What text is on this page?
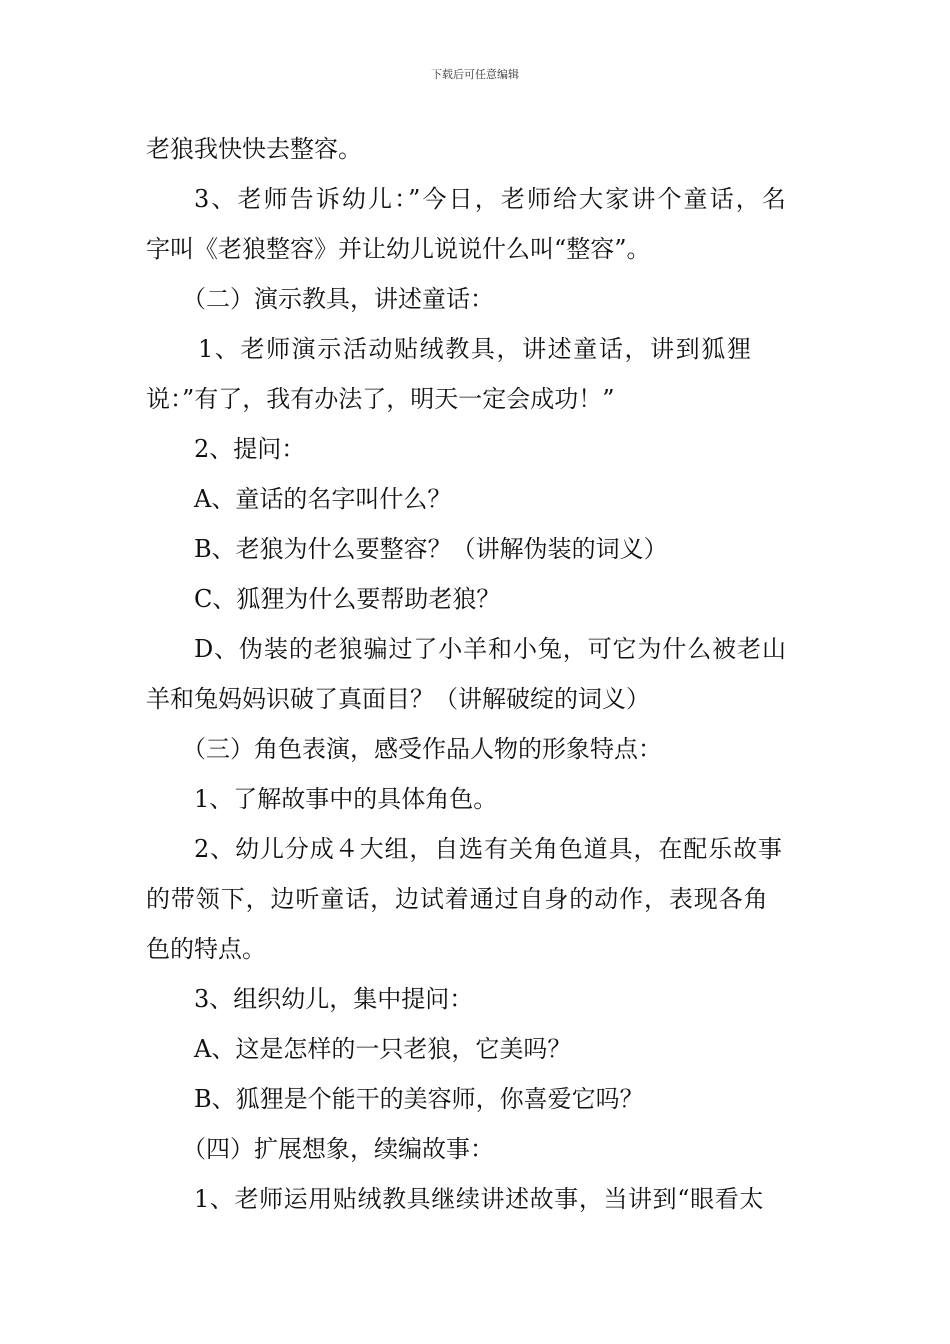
下载后可任意编辑
老狼我快快去整容。
3、老师告诉幼儿：”今日，老师给大家讲个童话，名
字叫《老狼整容》并让幼儿说说什么叫“整容”。
（二）演示教具，讲述童话：
1、老师演示活动贴绒教具，讲述童话，讲到狐狸
说：”有了，我有办法了，明天一定会成功！”
2、提问：
A、童话的名字叫什么？
B、老狼为什么要整容？（讲解伪装的词义）
C、狐狸为什么要帮助老狼？
D、伪装的老狼骗过了小羊和小兔，可它为什么被老山
羊和兔妈妈识破了真面目？（讲解破绽的词义）
（三）角色表演，感受作品人物的形象特点：
1、了解故事中的具体角色。
2、幼儿分成４大组，自选有关角色道具，在配乐故事
的带领下，边听童话，边试着通过自身的动作，表现各角
色的特点。
3、组织幼儿，集中提问：
A、这是怎样的一只老狼，它美吗？
B、狐狸是个能干的美容师，你喜爱它吗？
（四）扩展想象，续编故事：
1、老师运用贴绒教具继续讲述故事，当讲到“眼看太
